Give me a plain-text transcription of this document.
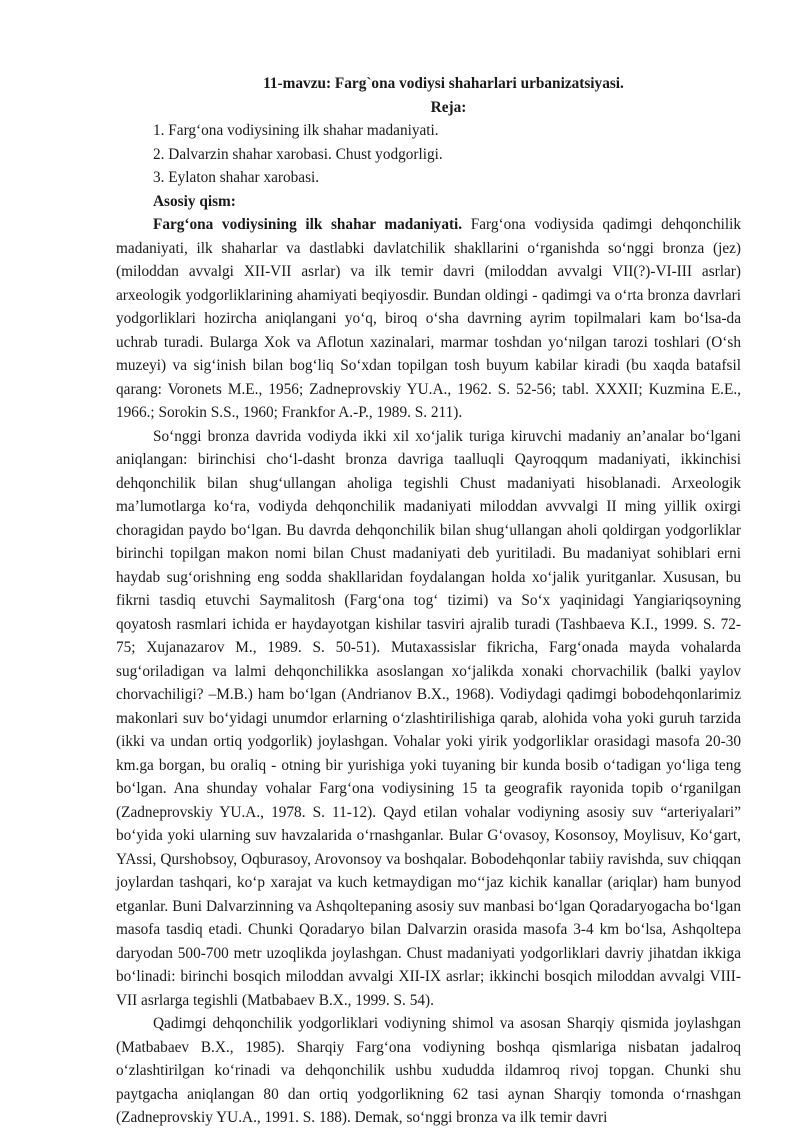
11-mavzu: Farg`ona vodiysi shaharlari urbanizatsiyasi.
Reja:
1. Farg‘ona vodiysining ilk shahar madaniyati.
2. Dalvarzin shahar xarobasi. Chust yodgorligi.
3. Eylaton shahar xarobasi.
Asosiy qism:

Farg‘ona vodiysining ilk shahar madaniyati. Farg‘ona vodiysida qadimgi dehqonchilik madaniyati, ilk shaharlar va dastlabki davlatchilik shakllarini o‘rganishda so‘nggi bronza (jez) (miloddan avvalgi XII-VII asrlar) va ilk temir davri (miloddan avvalgi VII(?)-VI-III asrlar) arxeologik yodgorliklarining ahamiyati beqiyosdir. Bundan oldingi - qadimgi va o‘rta bronza davrlari yodgorliklari hozircha aniqlangani yo‘q, biroq o‘sha davrning ayrim topilmalari kam bo‘lsa-da uchrab turadi. Bularga Xok va Aflotun xazinalari, marmar toshdan yo‘nilgan tarozi toshlari (O‘sh muzeyi) va sig‘inish bilan bog‘liq So‘xdan topilgan tosh buyum kabilar kiradi (bu xaqda batafsil qarang: Voronets M.E., 1956; Zadneprovskiy YU.A., 1962. S. 52-56; tabl. XXXII; Kuzmina E.E., 1966.; Sorokin S.S., 1960; Frankfor A.-P., 1989. S. 211).

So‘nggi bronza davrida vodiyda ikki xil xo‘jalik turiga kiruvchi madaniy an’analar bo‘lgani aniqlangan: birinchisi cho‘l-dasht bronza davriga taalluqli Qayroqqum madaniyati, ikkinchisi dehqonchilik bilan shug‘ullangan aholiga tegishli Chust madaniyati hisoblanadi. Arxeologik ma’lumotlarga ko‘ra, vodiyda dehqonchilik madaniyati miloddan avvvalgi II ming yillik oxirgi choragidan paydo bo‘lgan. Bu davrda dehqonchilik bilan shug‘ullangan aholi qoldirgan yodgorliklar birinchi topilgan makon nomi bilan Chust madaniyati deb yuritiladi. Bu madaniyat sohiblari erni haydab sug‘orishning eng sodda shakllaridan foydalangan holda xo‘jalik yuritganlar. Xususan, bu fikrni tasdiq etuvchi Saymalitosh (Farg‘ona tog‘ tizimi) va So‘x yaqinidagi Yangiariqsoyning qoyatosh rasmlari ichida er haydayotgan kishilar tasviri ajralib turadi (Tashbaeva K.I., 1999. S. 72-75; Xujanazarov M., 1989. S. 50-51). Mutaxassislar fikricha, Farg‘onada mayda vohalarda sug‘oriladigan va lalmi dehqonchilikka asoslangan xo‘jalikda xonaki chorvachilik (balki yaylov chorvachiligi? –M.B.) ham bo‘lgan (Andrianov B.X., 1968). Vodiydagi qadimgi bobodehqonlarimiz makonlari suv bo‘yidagi unumdor erlarning o‘zlashtirilishiga qarab, alohida voha yoki guruh tarzida (ikki va undan ortiq yodgorlik) joylashgan. Vohalar yoki yirik yodgorliklar orasidagi masofa 20-30 km.ga borgan, bu oraliq - otning bir yurishiga yoki tuyaning bir kunda bosib o‘tadigan yo‘liga teng bo‘lgan. Ana shunday vohalar Farg‘ona vodiysining 15 ta geografik rayonida topib o‘rganilgan (Zadneprovskiy YU.A., 1978. S. 11-12). Qayd etilan vohalar vodiyning asosiy suv “arteriyalari” bo‘yida yoki ularning suv havzalarida o‘rnashganlar. Bular G‘ovasoy, Kosonsoy, Moylisuv, Ko‘gart, YAssi, Qurshobsoy, Oqburasoy, Arovonsoy va boshqalar. Bobodehqonlar tabiiy ravishda, suv chiqqan joylardan tashqari, ko‘p xarajat va kuch ketmaydigan mo‘‘jaz kichik kanallar (ariqlar) ham bunyod etganlar. Buni Dalvarzinning va Ashqoltepaning asosiy suv manbasi bo‘lgan Qoradaryogacha bo‘lgan masofa tasdiq etadi. Chunki Qoradaryo bilan Dalvarzin orasida masofa 3-4 km bo‘lsa, Ashqoltepa daryodan 500-700 metr uzoqlikda joylashgan. Chust madaniyati yodgorliklari davriy jihatdan ikkiga bo‘linadi: birinchi bosqich miloddan avvalgi XII-IX asrlar; ikkinchi bosqich miloddan avvalgi VIII-VII asrlarga tegishli (Matbabaev B.X., 1999. S. 54).

Qadimgi dehqonchilik yodgorliklari vodiyning shimol va asosan Sharqiy qismida joylashgan (Matbabaev B.X., 1985). Sharqiy Farg‘ona vodiyning boshqa qismlariga nisbatan jadalroq o‘zlashtirilgan ko‘rinadi va dehqonchilik ushbu xududda ildamroq rivoj topgan. Chunki shu paytgacha aniqlangan 80 dan ortiq yodgorlikning 62 tasi aynan Sharqiy tomonda o‘rnashgan (Zadneprovskiy YU.A., 1991. S. 188). Demak, so‘nggi bronza va ilk temir davri
